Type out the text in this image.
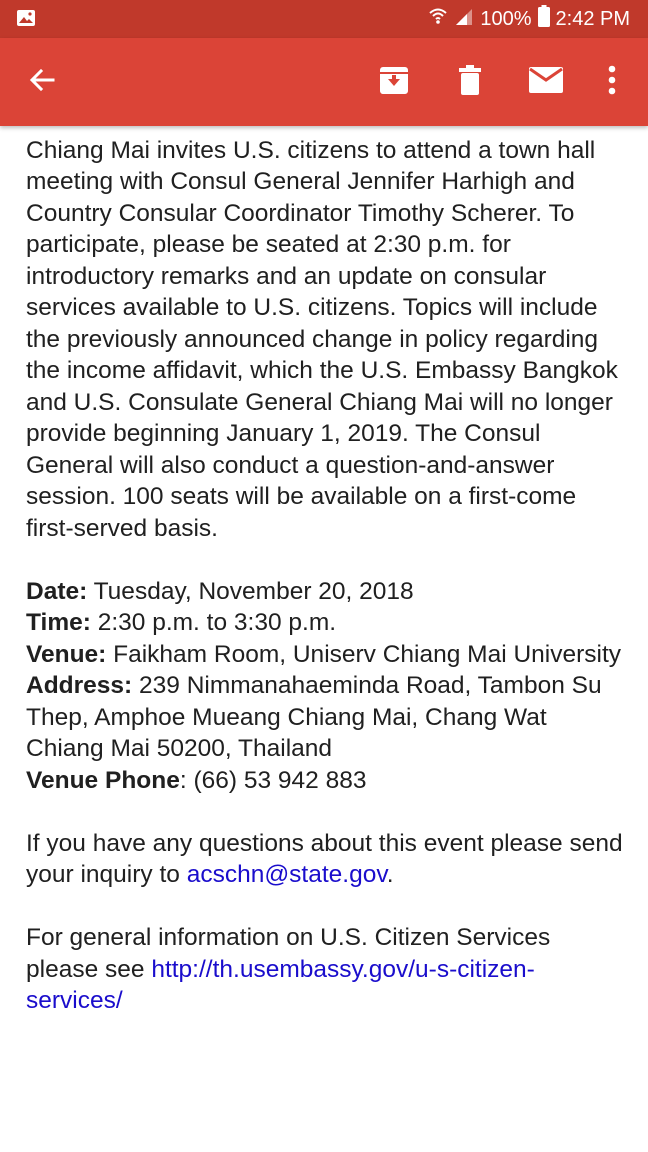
100% 2:42 PM

Chiang Mai invites U.S. citizens to attend a town hall meeting with Consul General Jennifer Harhigh and Country Consular Coordinator Timothy Scherer. To participate, please be seated at 2:30 p.m. for introductory remarks and an update on consular services available to U.S. citizens. Topics will include the previously announced change in policy regarding the income affidavit, which the U.S. Embassy Bangkok and U.S. Consulate General Chiang Mai will no longer provide beginning January 1, 2019. The Consul General will also conduct a question-and-answer session. 100 seats will be available on a first-come first-served basis.

Date: Tuesday, November 20, 2018

Time: 2:30 p.m. to 3:30 p.m.

Venue: Faikham Room, Uniserv Chiang Mai University

Address: 239 Nimmanahaeminda Road, Tambon Su Thep, Amphoe Mueang Chiang Mai, Chang Wat Chiang Mai 50200, Thailand

Venue Phone: (66) 53 942 883

If you have any questions about this event please send your inquiry to acschn@state.gov.

For general information on U.S. Citizen Services please see http://th.usembassy.gov/u-s-citizen-services/
